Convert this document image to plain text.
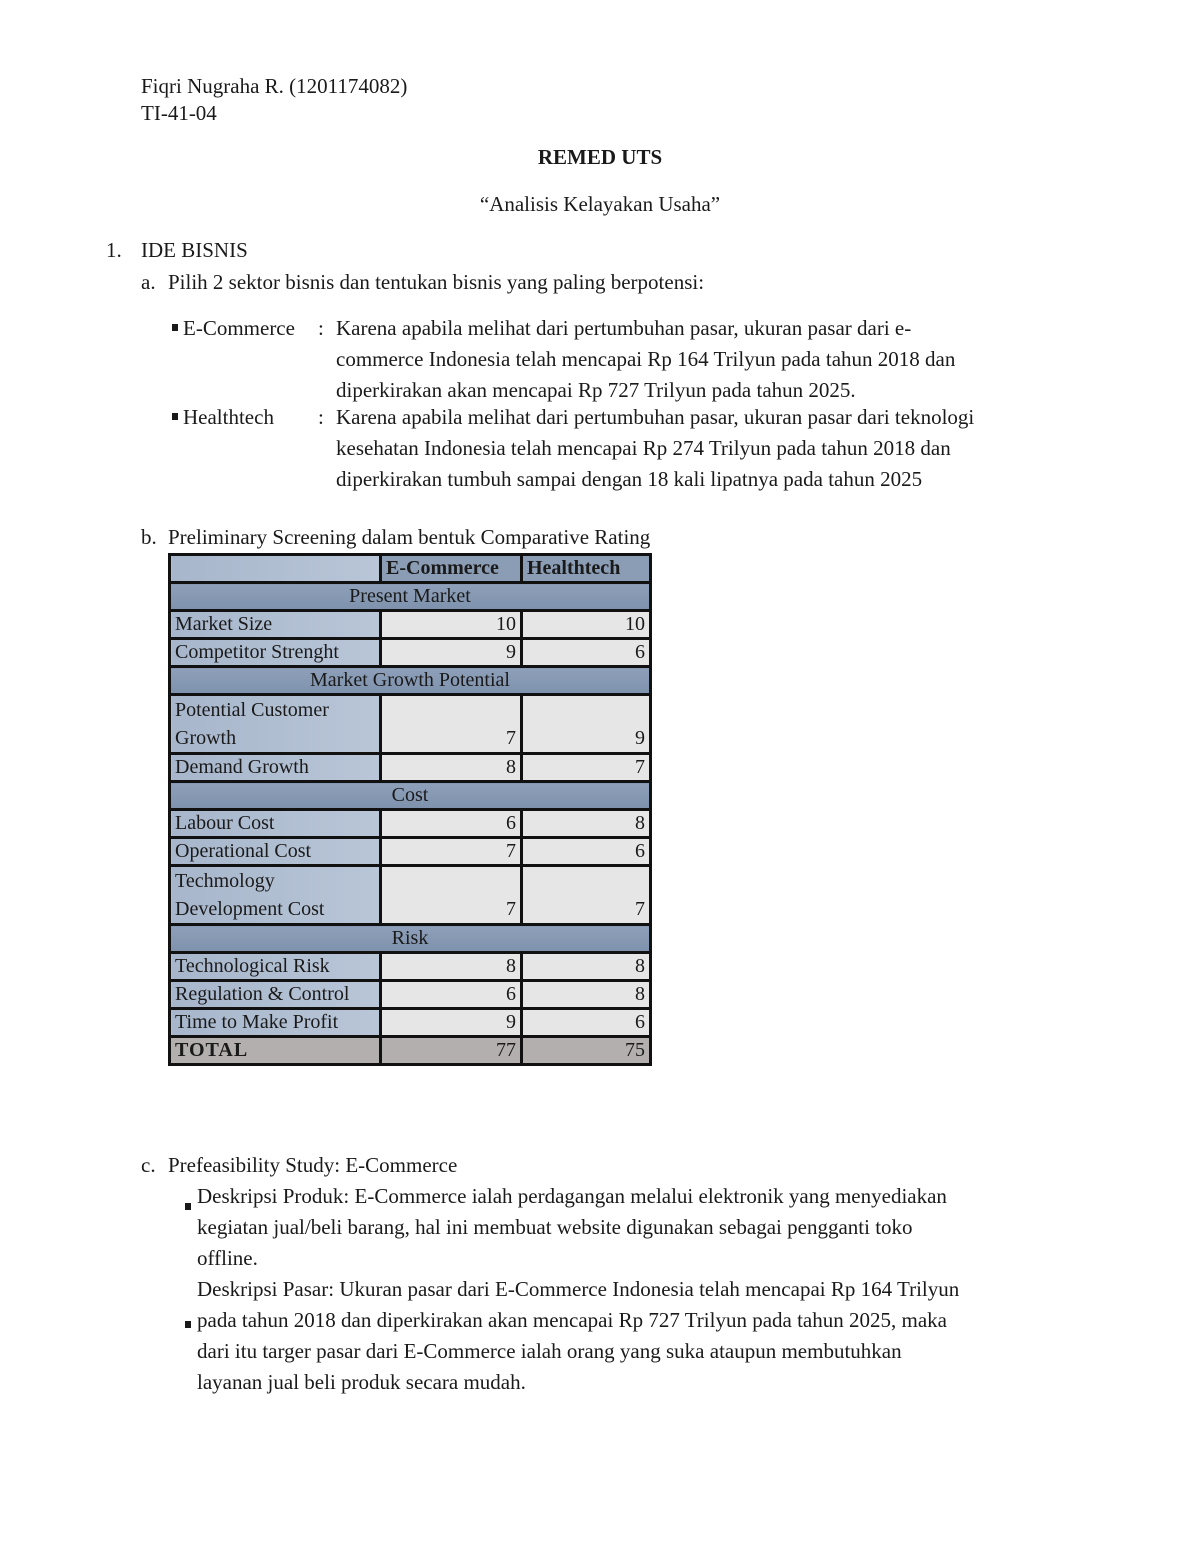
Fiqri Nugraha R. (1201174082)
TI-41-04
REMED UTS
“Analisis Kelayakan Usaha”
1. IDE BISNIS
a. Pilih 2 sektor bisnis dan tentukan bisnis yang paling berpotensi:
E-Commerce : Karena apabila melihat dari pertumbuhan pasar, ukuran pasar dari e-
commerce Indonesia telah mencapai Rp 164 Trilyun pada tahun 2018 dan
diperkirakan akan mencapai Rp 727 Trilyun pada tahun 2025.
Healthtech : Karena apabila melihat dari pertumbuhan pasar, ukuran pasar dari teknologi
kesehatan Indonesia telah mencapai Rp 274 Trilyun pada tahun 2018 dan
diperkirakan tumbuh sampai dengan 18 kali lipatnya pada tahun 2025
b. Preliminary Screening dalam bentuk Comparative Rating
	E-Commerce	Healthtech
Present Market		
Market Size	10	10
Competitor Strenght	9	6
Market Growth Potential		
Potential Customer
Growth	7	9
Demand Growth	8	7
Cost		
Labour Cost	6	8
Operational Cost	7	6
Techmology
Development Cost	7	7
Risk		
Technological Risk	8	8
Regulation & Control	6	8
Time to Make Profit	9	6
TOTAL	77	75
c. Prefeasibility Study: E-Commerce
Deskripsi Produk: E-Commerce ialah perdagangan melalui elektronik yang menyediakan
kegiatan jual/beli barang, hal ini membuat website digunakan sebagai pengganti toko
offline.
Deskripsi Pasar: Ukuran pasar dari E-Commerce Indonesia telah mencapai Rp 164 Trilyun
pada tahun 2018 dan diperkirakan akan mencapai Rp 727 Trilyun pada tahun 2025, maka
dari itu targer pasar dari E-Commerce ialah orang yang suka ataupun membutuhkan
layanan jual beli produk secara mudah.
